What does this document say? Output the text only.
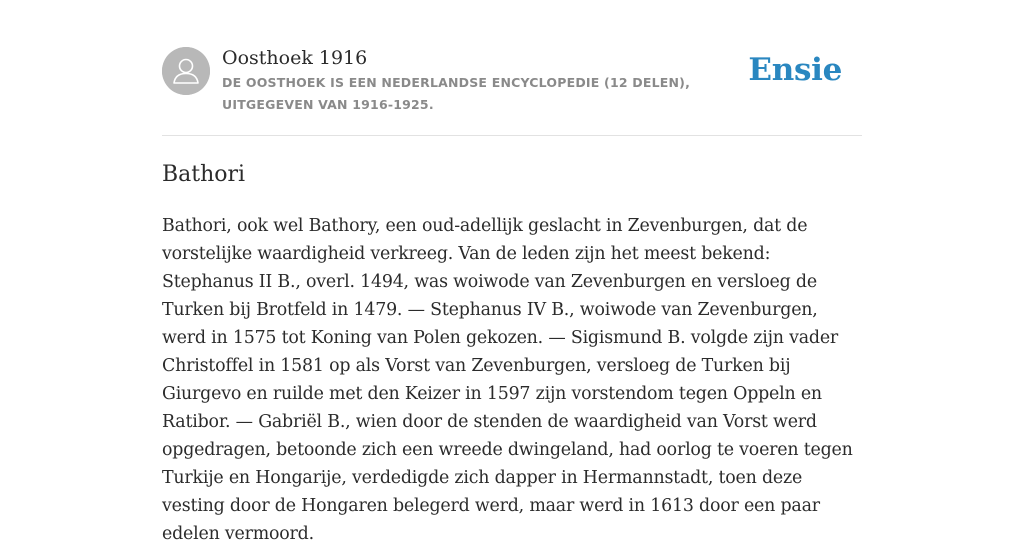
Oosthoek 1916
DE OOSTHOEK IS EEN NEDERLANDSE ENCYCLOPEDIE (12 DELEN), UITGEGEVEN VAN 1916-1925.
Ensie
Bathori

Bathori, ook wel Bathory, een oud-adellijk geslacht in Zevenburgen, dat de vorstelijke waardigheid verkreeg. Van de leden zijn het meest bekend: Stephanus II B., overl. 1494, was woiwode van Zevenburgen en versloeg de Turken bij Brotfeld in 1479. — Stephanus IV B., woiwode van Zevenburgen, werd in 1575 tot Koning van Polen gekozen. — Sigismund B. volgde zijn vader Christoffel in 1581 op als Vorst van Zevenburgen, versloeg de Turken bij Giurgevo en ruilde met den Keizer in 1597 zijn vorstendom tegen Oppeln en Ratibor. — Gabriël B., wien door de stenden de waardigheid van Vorst werd opgedragen, betoonde zich een wreede dwingeland, had oorlog te voeren tegen Turkije en Hongarije, verdedigde zich dapper in Hermannstadt, toen deze vesting door de Hongaren belegerd werd, maar werd in 1613 door een paar edelen vermoord.
